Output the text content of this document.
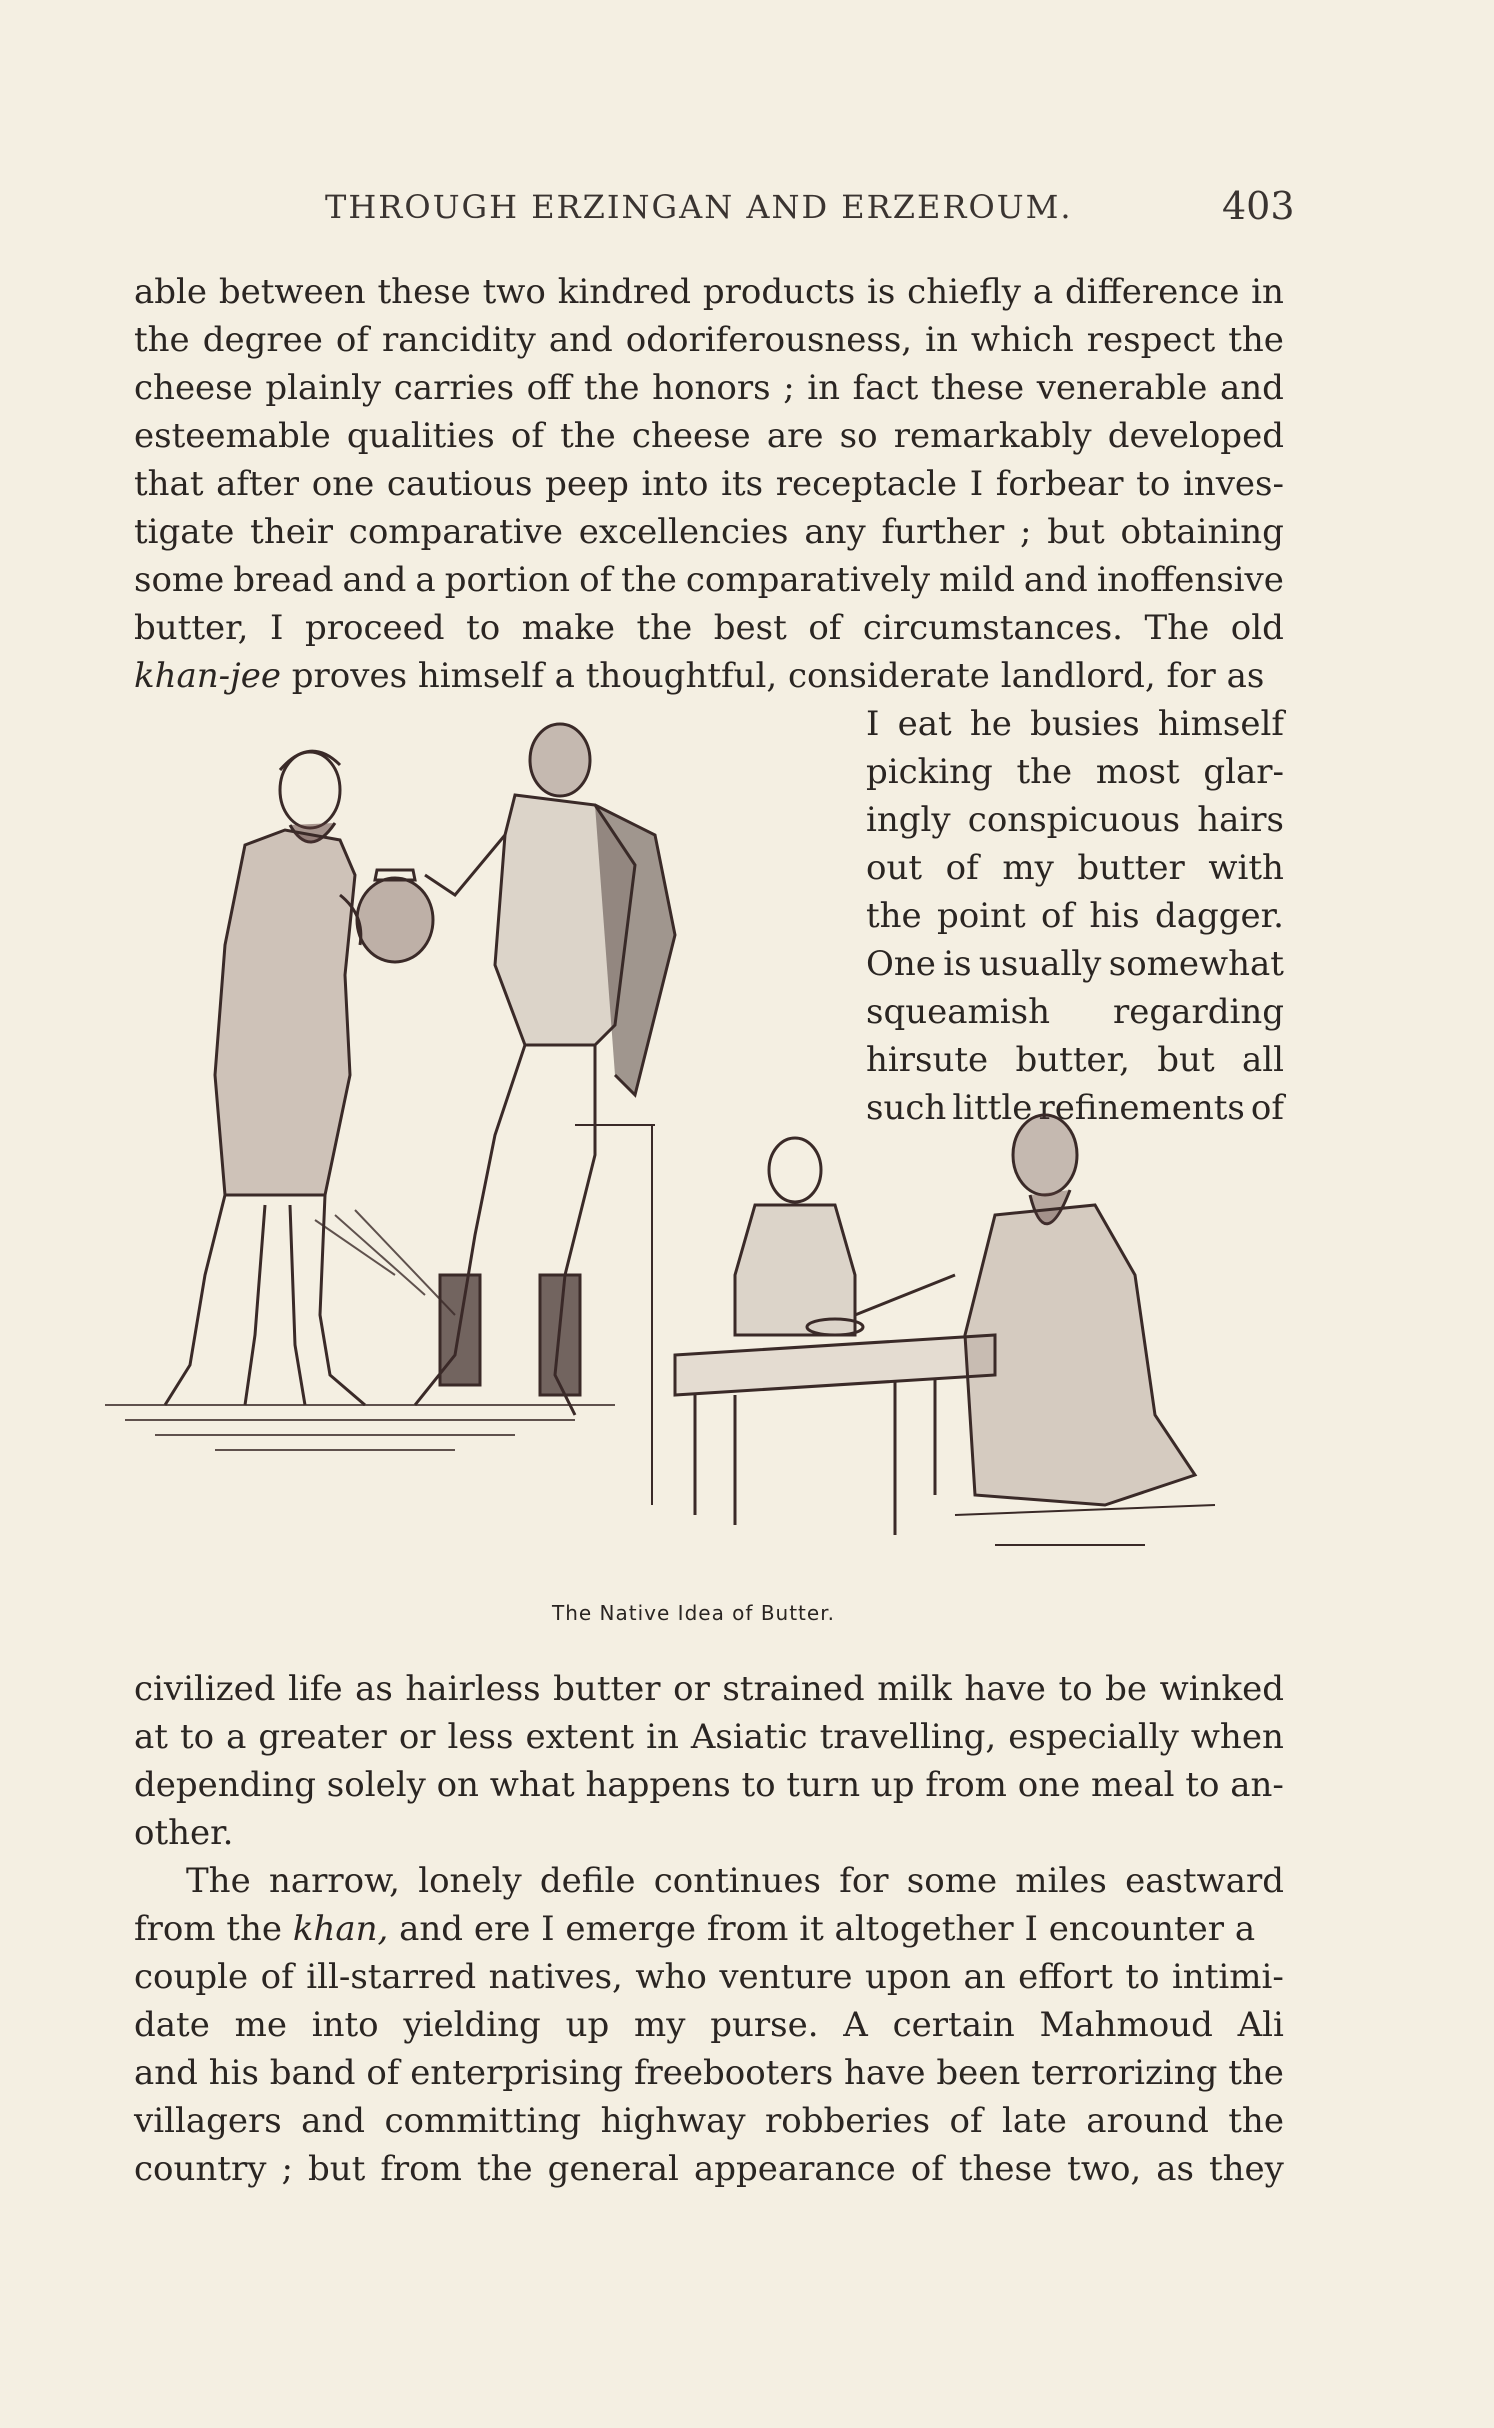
THROUGH ERZINGAN AND ERZEROUM.	403
able between these two kindred products is chiefly a difference in
the degree of rancidity and odoriferousness, in which respect the
cheese plainly carries off the honors ; in fact these venerable and
esteemable qualities of the cheese are so remarkably developed
that after one cautious peep into its receptacle I forbear to inves-
tigate their comparative excellencies any further ; but obtaining
some bread and a portion of the comparatively mild and inoffensive
butter, I proceed to make the best of circumstances. The old
khan-jee proves himself a thoughtful, considerate landlord, for as
I eat he busies himself
picking the most glar-
ingly conspicuous hairs
out of my butter with
the point of his dagger.
One is usually somewhat
squeamish regarding
hirsute butter, but all
such little refinements of
The Native Idea of Butter.
civilized life as hairless butter or strained milk have to be winked
at to a greater or less extent in Asiatic travelling, especially when
depending solely on what happens to turn up from one meal to an-
other.
The narrow, lonely defile continues for some miles eastward
from the khan, and ere I emerge from it altogether I encounter a
couple of ill-starred natives, who venture upon an effort to intimi-
date me into yielding up my purse. A certain Mahmoud Ali
and his band of enterprising freebooters have been terrorizing the
villagers and committing highway robberies of late around the
country ; but from the general appearance of these two, as they
